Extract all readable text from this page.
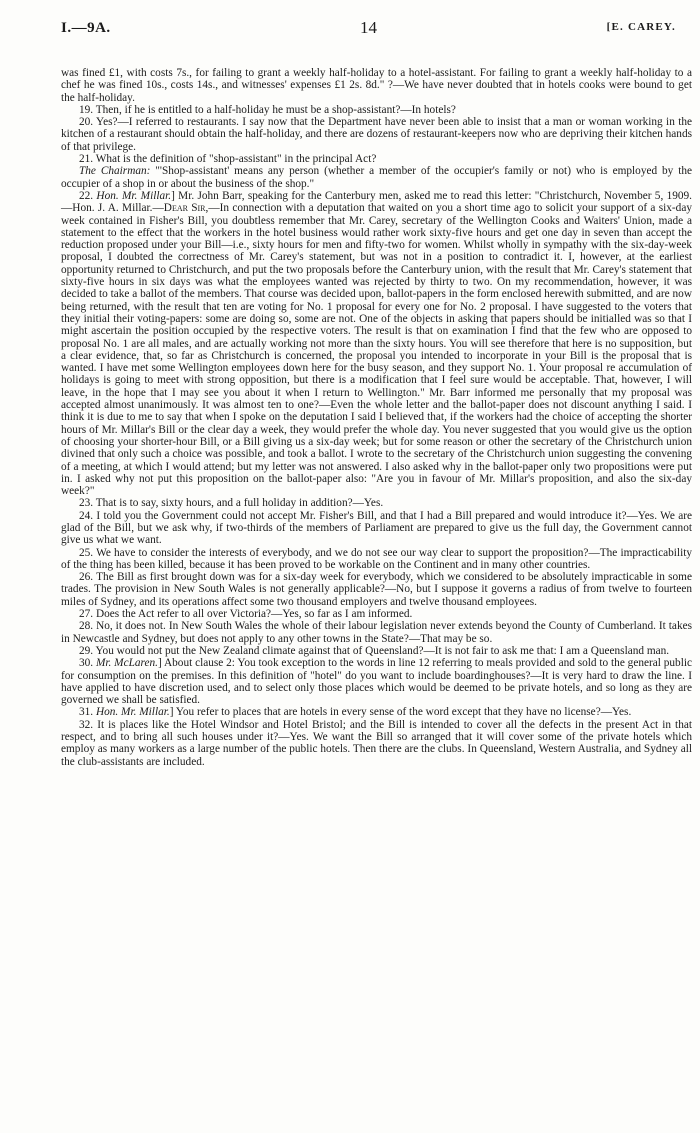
I.—9A.	14	[E. CAREY.

was fined £1, with costs 7s., for failing to grant a weekly half-holiday to a hotel-assistant. For failing to grant a weekly half-holiday to a chef he was fined 10s., costs 14s., and witnesses' expenses £1 2s. 8d." ?—We have never doubted that in hotels cooks were bound to get the half-holiday.

19. Then, if he is entitled to a half-holiday he must be a shop-assistant?—In hotels?

20. Yes?—I referred to restaurants. I say now that the Department have never been able to insist that a man or woman working in the kitchen of a restaurant should obtain the half-holiday, and there are dozens of restaurant-keepers now who are depriving their kitchen hands of that privilege.

21. What is the definition of "shop-assistant" in the principal Act?

The Chairman: "'Shop-assistant' means any person (whether a member of the occupier's family or not) who is employed by the occupier of a shop in or about the business of the shop."

22. Hon. Mr. Millar.] Mr. John Barr, speaking for the Canterbury men, asked me to read this letter: "Christchurch, November 5, 1909.—Hon. J. A. Millar.—Dear Sir,—In connection with a deputation that waited on you a short time ago to solicit your support of a six-day week contained in Fisher's Bill, you doubtless remember that Mr. Carey, secretary of the Wellington Cooks and Waiters' Union, made a statement to the effect that the workers in the hotel business would rather work sixty-five hours and get one day in seven than accept the reduction proposed under your Bill—i.e., sixty hours for men and fifty-two for women. Whilst wholly in sympathy with the six-day-week proposal, I doubted the correctness of Mr. Carey's statement, but was not in a position to contradict it. I, however, at the earliest opportunity returned to Christchurch, and put the two proposals before the Canterbury union, with the result that Mr. Carey's statement that sixty-five hours in six days was what the employees wanted was rejected by thirty to two. On my recommendation, however, it was decided to take a ballot of the members. That course was decided upon, ballot-papers in the form enclosed herewith submitted, and are now being returned, with the result that ten are voting for No. 1 proposal for every one for No. 2 proposal. I have suggested to the voters that they initial their voting-papers: some are doing so, some are not. One of the objects in asking that papers should be initialled was so that I might ascertain the position occupied by the respective voters. The result is that on examination I find that the few who are opposed to proposal No. 1 are all males, and are actually working not more than the sixty hours. You will see therefore that here is no supposition, but a clear evidence, that, so far as Christchurch is concerned, the proposal you intended to incorporate in your Bill is the proposal that is wanted. I have met some Wellington employees down here for the busy season, and they support No. 1. Your proposal re accumulation of holidays is going to meet with strong opposition, but there is a modification that I feel sure would be acceptable. That, however, I will leave, in the hope that I may see you about it when I return to Wellington." Mr. Barr informed me personally that my proposal was accepted almost unanimously. It was almost ten to one?—Even the whole letter and the ballot-paper does not discount anything I said. I think it is due to me to say that when I spoke on the deputation I said I believed that, if the workers had the choice of accepting the shorter hours of Mr. Millar's Bill or the clear day a week, they would prefer the whole day. You never suggested that you would give us the option of choosing your shorter-hour Bill, or a Bill giving us a six-day week; but for some reason or other the secretary of the Christchurch union divined that only such a choice was possible, and took a ballot. I wrote to the secretary of the Christchurch union suggesting the convening of a meeting, at which I would attend; but my letter was not answered. I also asked why in the ballot-paper only two propositions were put in. I asked why not put this proposition on the ballot-paper also: "Are you in favour of Mr. Millar's proposition, and also the six-day week?"

23. That is to say, sixty hours, and a full holiday in addition?—Yes.

24. I told you the Government could not accept Mr. Fisher's Bill, and that I had a Bill prepared and would introduce it?—Yes. We are glad of the Bill, but we ask why, if two-thirds of the members of Parliament are prepared to give us the full day, the Government cannot give us what we want.

25. We have to consider the interests of everybody, and we do not see our way clear to support the proposition?—The impracticability of the thing has been killed, because it has been proved to be workable on the Continent and in many other countries.

26. The Bill as first brought down was for a six-day week for everybody, which we considered to be absolutely impracticable in some trades. The provision in New South Wales is not generally applicable?—No, but I suppose it governs a radius of from twelve to fourteen miles of Sydney, and its operations affect some two thousand employers and twelve thousand employees.

27. Does the Act refer to all over Victoria?—Yes, so far as I am informed.

28. No, it does not. In New South Wales the whole of their labour legislation never extends beyond the County of Cumberland. It takes in Newcastle and Sydney, but does not apply to any other towns in the State?—That may be so.

29. You would not put the New Zealand climate against that of Queensland?—It is not fair to ask me that: I am a Queensland man.

30. Mr. McLaren.] About clause 2: You took exception to the words in line 12 referring to meals provided and sold to the general public for consumption on the premises. In this definition of "hotel" do you want to include boardinghouses?—It is very hard to draw the line. I have applied to have discretion used, and to select only those places which would be deemed to be private hotels, and so long as they are governed we shall be satisfied.

31. Hon. Mr. Millar.] You refer to places that are hotels in every sense of the word except that they have no license?—Yes.

32. It is places like the Hotel Windsor and Hotel Bristol; and the Bill is intended to cover all the defects in the present Act in that respect, and to bring all such houses under it?—Yes. We want the Bill so arranged that it will cover some of the private hotels which employ as many workers as a large number of the public hotels. Then there are the clubs. In Queensland, Western Australia, and Sydney all the club-assistants are included.
